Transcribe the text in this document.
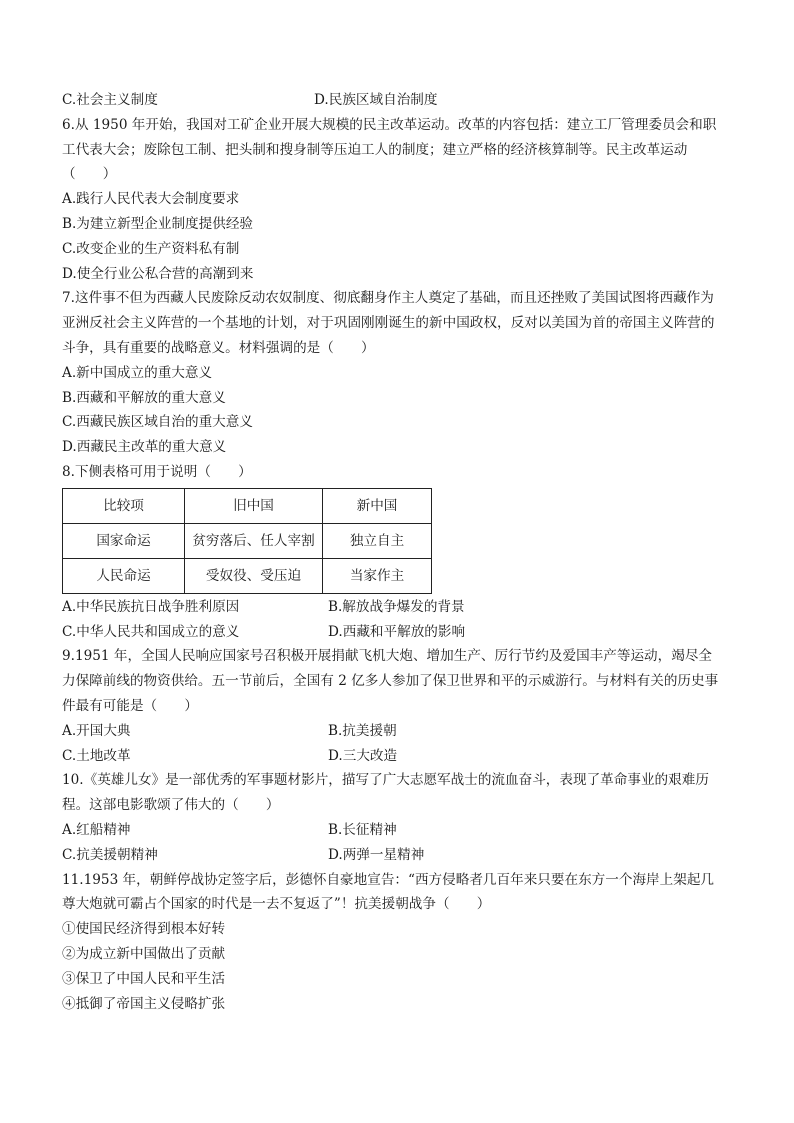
C.社会主义制度	D.民族区域自治制度
6.从 1950 年开始，我国对工矿企业开展大规模的民主改革运动。改革的内容包括：建立工厂管理委员会和职
工代表大会；废除包工制、把头制和搜身制等压迫工人的制度；建立严格的经济核算制等。民主改革运动
（　　）
A.践行人民代表大会制度要求
B.为建立新型企业制度提供经验
C.改变企业的生产资料私有制
D.使全行业公私合营的高潮到来
7.这件事不但为西藏人民废除反动农奴制度、彻底翻身作主人奠定了基础，而且还挫败了美国试图将西藏作为
亚洲反社会主义阵营的一个基地的计划，对于巩固刚刚诞生的新中国政权，反对以美国为首的帝国主义阵营的
斗争，具有重要的战略意义。材料强调的是（　　）
A.新中国成立的重大意义
B.西藏和平解放的重大意义
C.西藏民族区域自治的重大意义
D.西藏民主改革的重大意义
8.下侧表格可用于说明（　　）
比较项	旧中国	新中国
国家命运	贫穷落后、任人宰割	独立自主
人民命运	受奴役、受压迫	当家作主
A.中华民族抗日战争胜利原因	B.解放战争爆发的背景
C.中华人民共和国成立的意义	D.西藏和平解放的影响
9.1951 年，全国人民响应国家号召积极开展捐献飞机大炮、增加生产、厉行节约及爱国丰产等运动，竭尽全
力保障前线的物资供给。五一节前后，全国有 2 亿多人参加了保卫世界和平的示威游行。与材料有关的历史事
件最有可能是（　　）
A.开国大典	B.抗美援朝
C.土地改革	D.三大改造
10.《英雄儿女》是一部优秀的军事题材影片，描写了广大志愿军战士的流血奋斗，表现了革命事业的艰难历
程。这部电影歌颂了伟大的（　　）
A.红船精神	B.长征精神
C.抗美援朝精神	D.两弹一星精神
11.1953 年，朝鲜停战协定签字后，彭德怀自豪地宣告：“西方侵略者几百年来只要在东方一个海岸上架起几
尊大炮就可霸占个国家的时代是一去不复返了”！抗美援朝战争（　　）
①使国民经济得到根本好转
②为成立新中国做出了贡献
③保卫了中国人民和平生活
④抵御了帝国主义侵略扩张
